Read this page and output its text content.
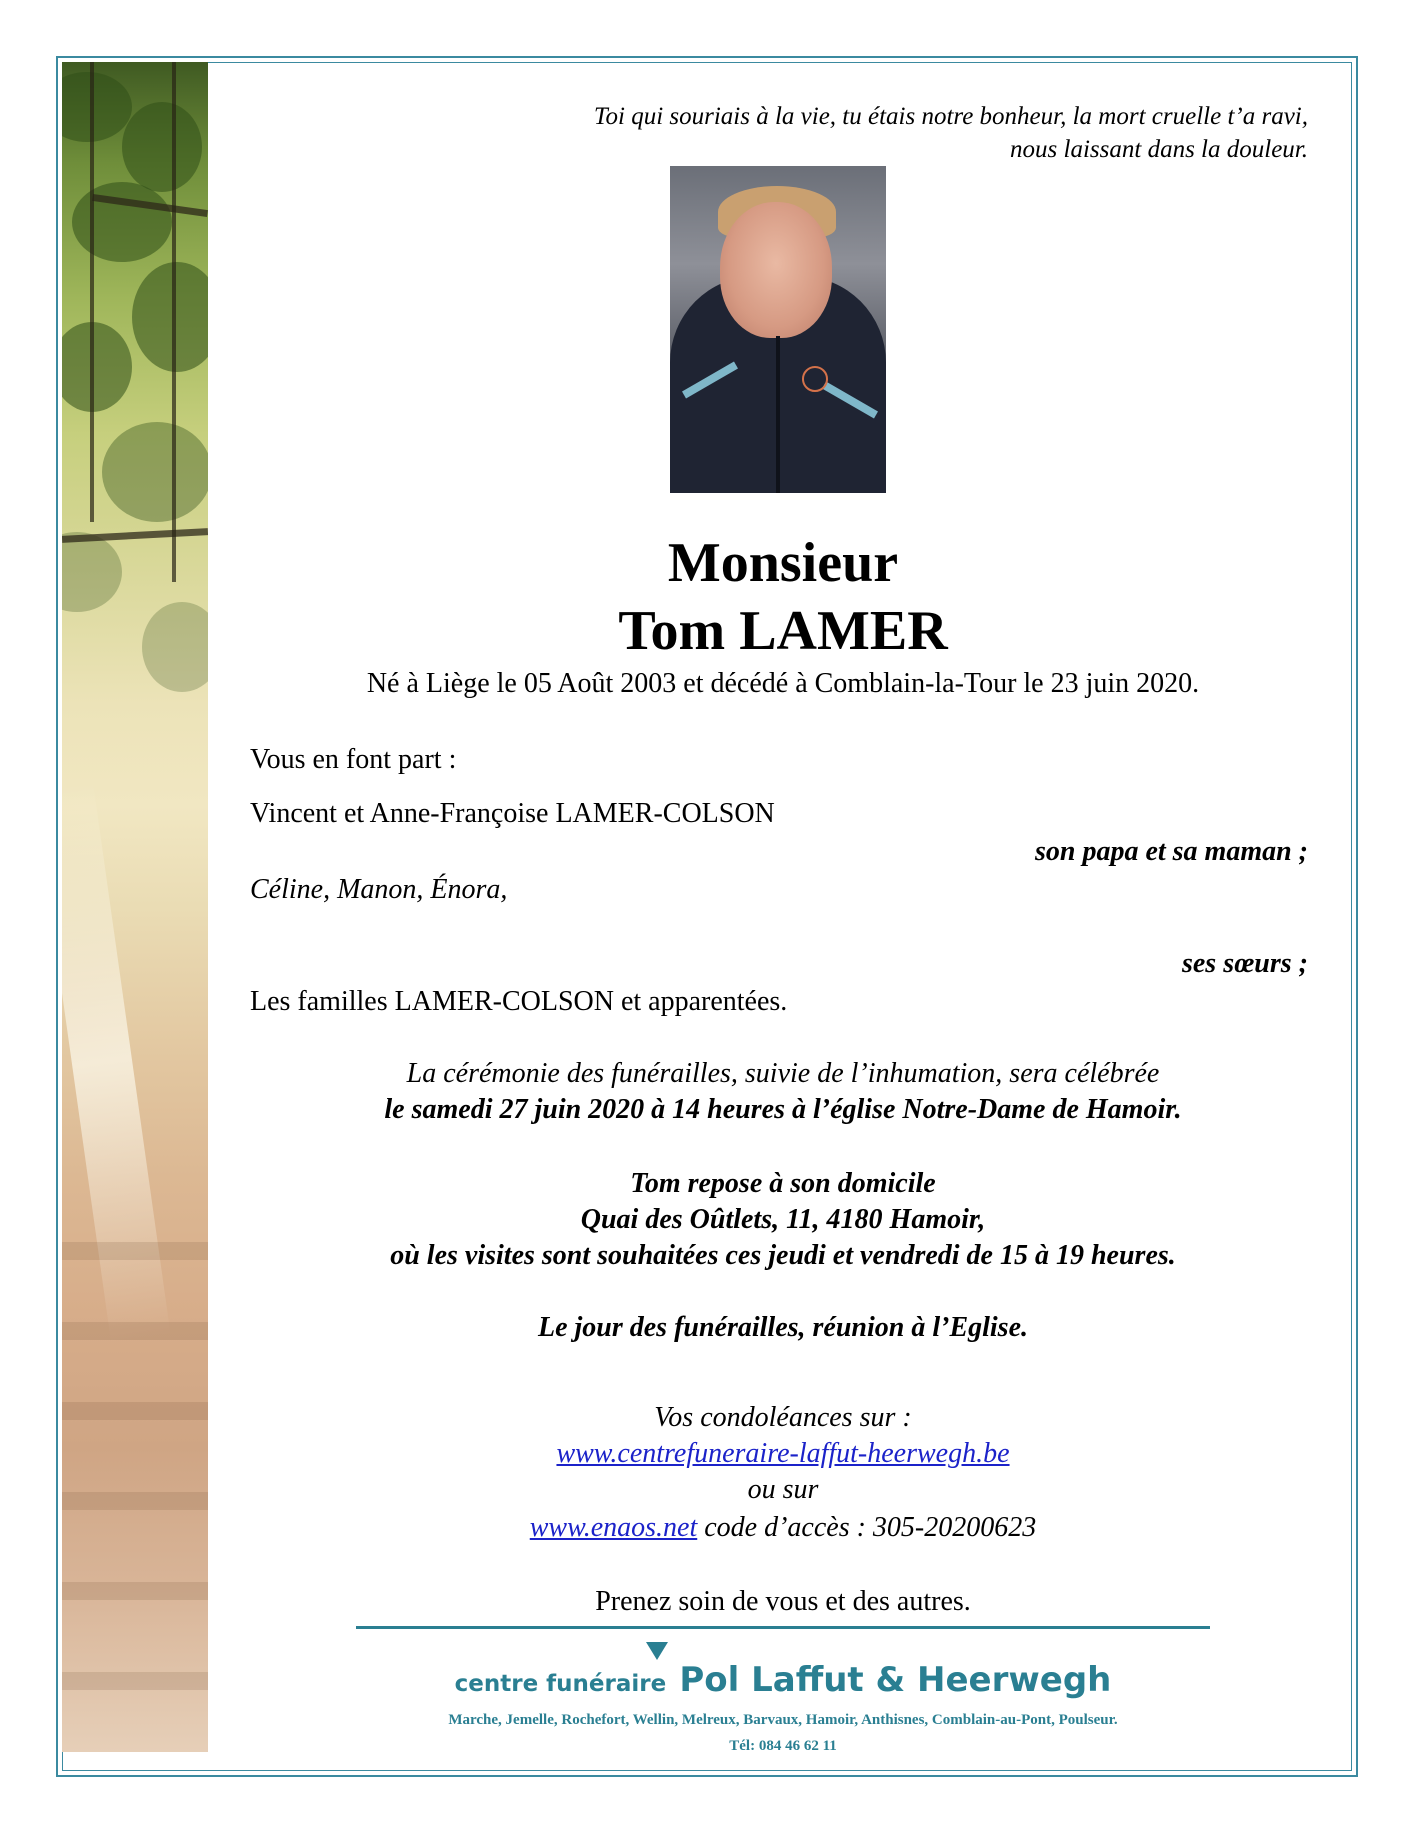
Toi qui souriais à la vie, tu étais notre bonheur, la mort cruelle t’a ravi,
nous laissant dans la douleur.
Monsieur
Tom LAMER
Né à Liège le 05 Août 2003 et décédé à Comblain-la-Tour le 23 juin 2020.
Vous en font part :
Vincent et Anne-Françoise LAMER-COLSON
son papa et sa maman ;
Céline, Manon, Énora,
ses sœurs ;
Les familles LAMER-COLSON et apparentées.
La cérémonie des funérailles, suivie de l’inhumation, sera célébrée
le samedi 27 juin 2020 à 14 heures à l’église Notre-Dame de Hamoir.
Tom repose à son domicile
Quai des Oûtlets, 11, 4180 Hamoir,
où les visites sont souhaitées ces jeudi et vendredi de 15 à 19 heures.
Le jour des funérailles, réunion à l’Eglise.
Vos condoléances sur :
www.centrefuneraire-laffut-heerwegh.be
ou sur
www.enaos.net code d’accès : 305-20200623
Prenez soin de vous et des autres.
centre funéraire Pol Laffut & Heerwegh
Marche, Jemelle, Rochefort, Wellin, Melreux, Barvaux, Hamoir, Anthisnes, Comblain-au-Pont, Poulseur.
Tél: 084 46 62 11
